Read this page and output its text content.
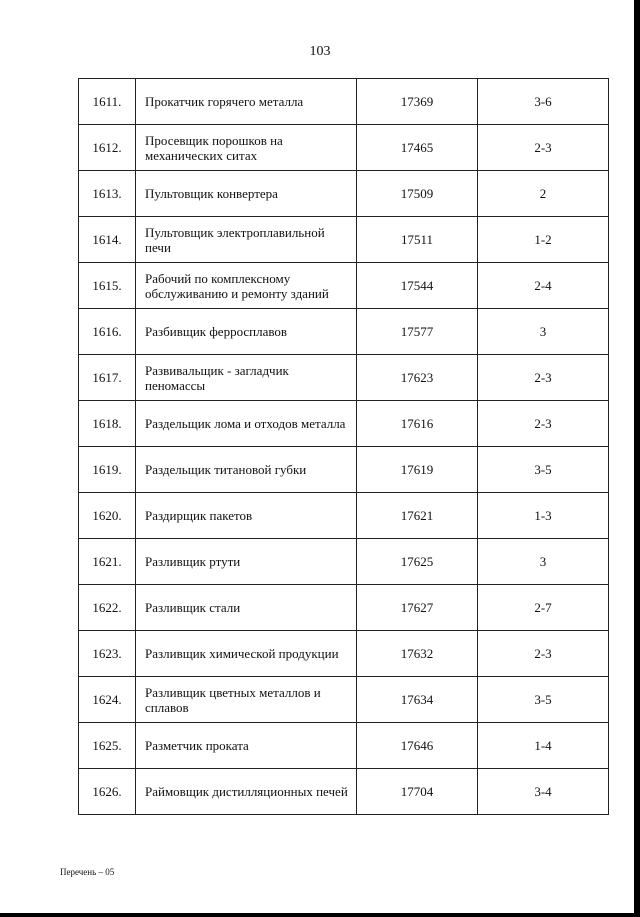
103
1611.	Прокатчик горячего металла	17369	3-6
1612.	Просевщик порошков на механических ситах	17465	2-3
1613.	Пультовщик конвертера	17509	2
1614.	Пультовщик электроплавильной печи	17511	1-2
1615.	Рабочий по комплексному обслуживанию и ремонту зданий	17544	2-4
1616.	Разбивщик ферросплавов	17577	3
1617.	Развивальщик - загладчик пеномассы	17623	2-3
1618.	Раздельщик лома и отходов металла	17616	2-3
1619.	Раздельщик титановой губки	17619	3-5
1620.	Раздирщик пакетов	17621	1-3
1621.	Разливщик ртути	17625	3
1622.	Разливщик стали	17627	2-7
1623.	Разливщик химической продукции	17632	2-3
1624.	Разливщик цветных металлов и сплавов	17634	3-5
1625.	Разметчик проката	17646	1-4
1626.	Раймовщик дистилляционных печей	17704	3-4
Перечень – 05
